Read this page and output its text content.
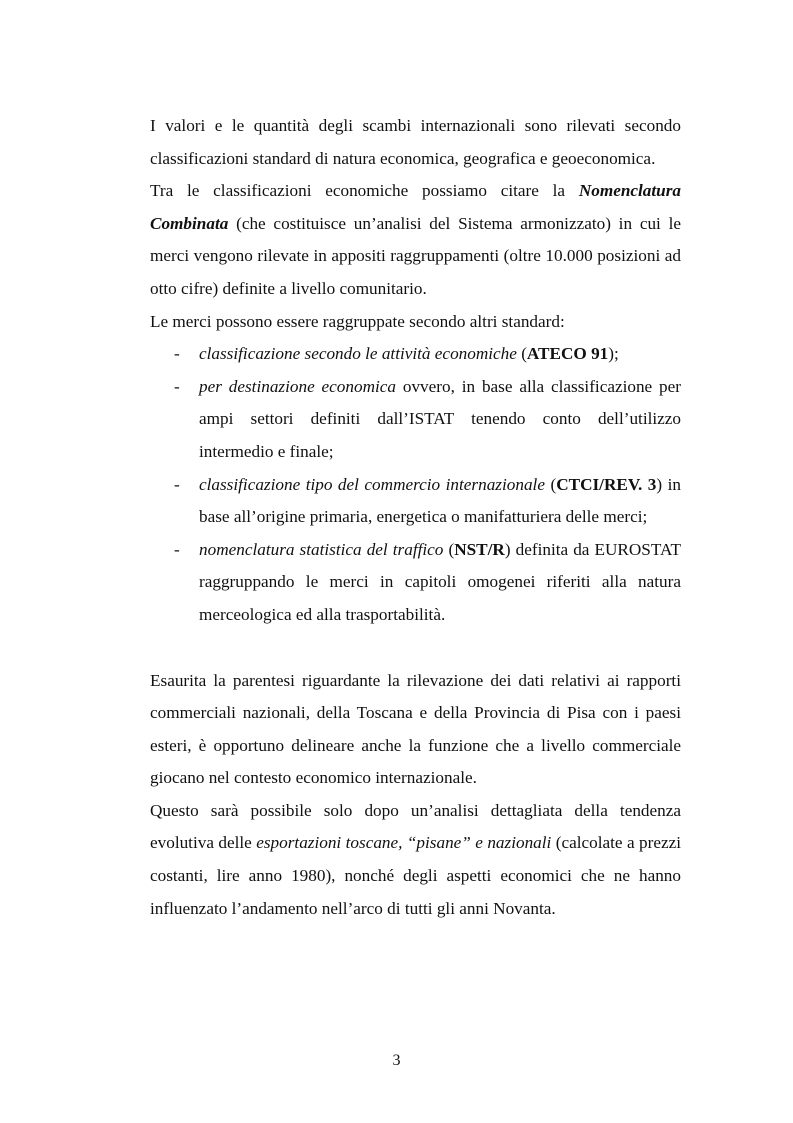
I valori e le quantità degli scambi internazionali sono rilevati secondo classificazioni standard di natura economica, geografica e geoeconomica.

Tra le classificazioni economiche possiamo citare la Nomenclatura Combinata (che costituisce un’analisi del Sistema armonizzato) in cui le merci vengono rilevate in appositi raggruppamenti (oltre 10.000 posizioni ad otto cifre) definite a livello comunitario.

Le merci possono essere raggruppate secondo altri standard:

- classificazione secondo le attività economiche (ATECO 91);
- per destinazione economica ovvero, in base alla classificazione per ampi settori definiti dall’ISTAT tenendo conto dell’utilizzo intermedio e finale;
- classificazione tipo del commercio internazionale (CTCI/REV. 3) in base all’origine primaria, energetica o manifatturiera delle merci;
- nomenclatura statistica del traffico (NST/R) definita da EUROSTAT raggruppando le merci in capitoli omogenei riferiti alla natura merceologica ed alla trasportabilità.

Esaurita la parentesi riguardante la rilevazione dei dati relativi ai rapporti commerciali nazionali, della Toscana e della Provincia di Pisa con i paesi esteri, è opportuno delineare anche la funzione che a livello commerciale giocano nel contesto economico internazionale.

Questo sarà possibile solo dopo un’analisi dettagliata della tendenza evolutiva delle esportazioni toscane, “pisane” e nazionali (calcolate a prezzi costanti, lire anno 1980), nonché degli aspetti economici che ne hanno influenzato l’andamento nell’arco di tutti gli anni Novanta.

3
